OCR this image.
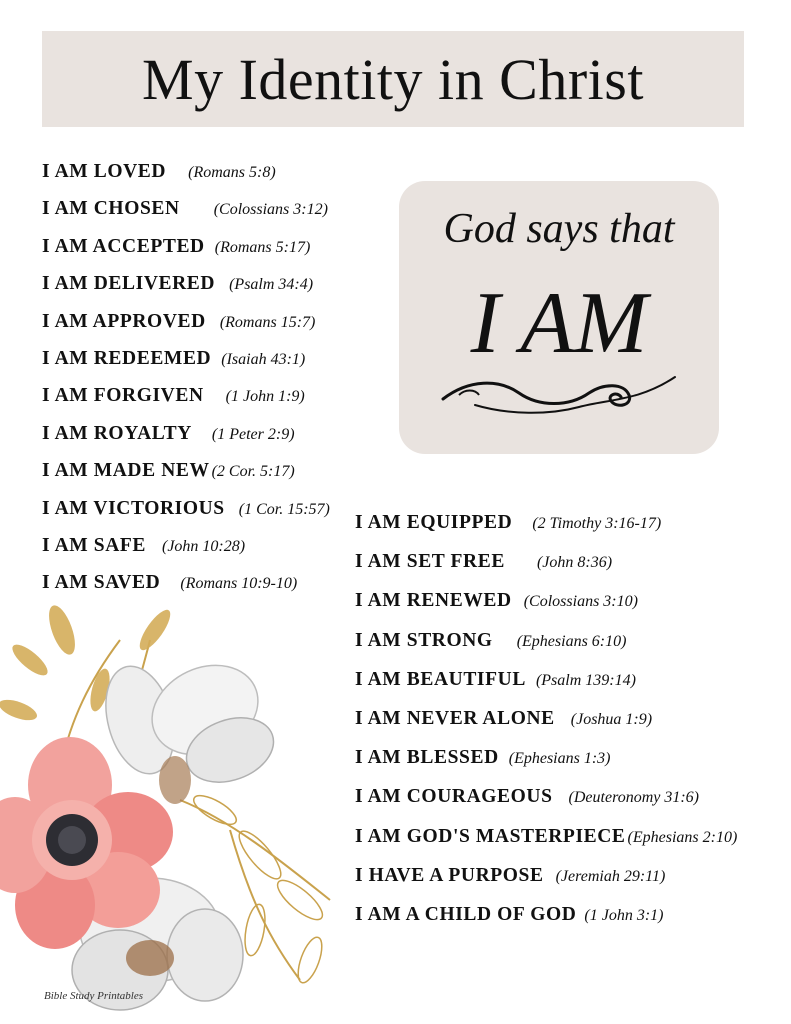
My Identity in Christ
God says that
I AM
I AM LOVED (Romans 5:8)
I AM CHOSEN (Colossians 3:12)
I AM ACCEPTED (Romans 5:17)
I AM DELIVERED (Psalm 34:4)
I AM APPROVED (Romans 15:7)
I AM REDEEMED (Isaiah 43:1)
I AM FORGIVEN (1 John 1:9)
I AM ROYALTY (1 Peter 2:9)
I AM MADE NEW (2 Cor. 5:17)
I AM VICTORIOUS (1 Cor. 15:57)
I AM SAFE (John 10:28)
I AM SAVED (Romans 10:9-10)
I AM EQUIPPED (2 Timothy 3:16-17)
I AM SET FREE (John 8:36)
I AM RENEWED (Colossians 3:10)
I AM STRONG (Ephesians 6:10)
I AM BEAUTIFUL (Psalm 139:14)
I AM NEVER ALONE (Joshua 1:9)
I AM BLESSED (Ephesians 1:3)
I AM COURAGEOUS (Deuteronomy 31:6)
I AM GOD'S MASTERPIECE (Ephesians 2:10)
I HAVE A PURPOSE (Jeremiah 29:11)
I AM A CHILD OF GOD (1 John 3:1)
Bible Study Printables
